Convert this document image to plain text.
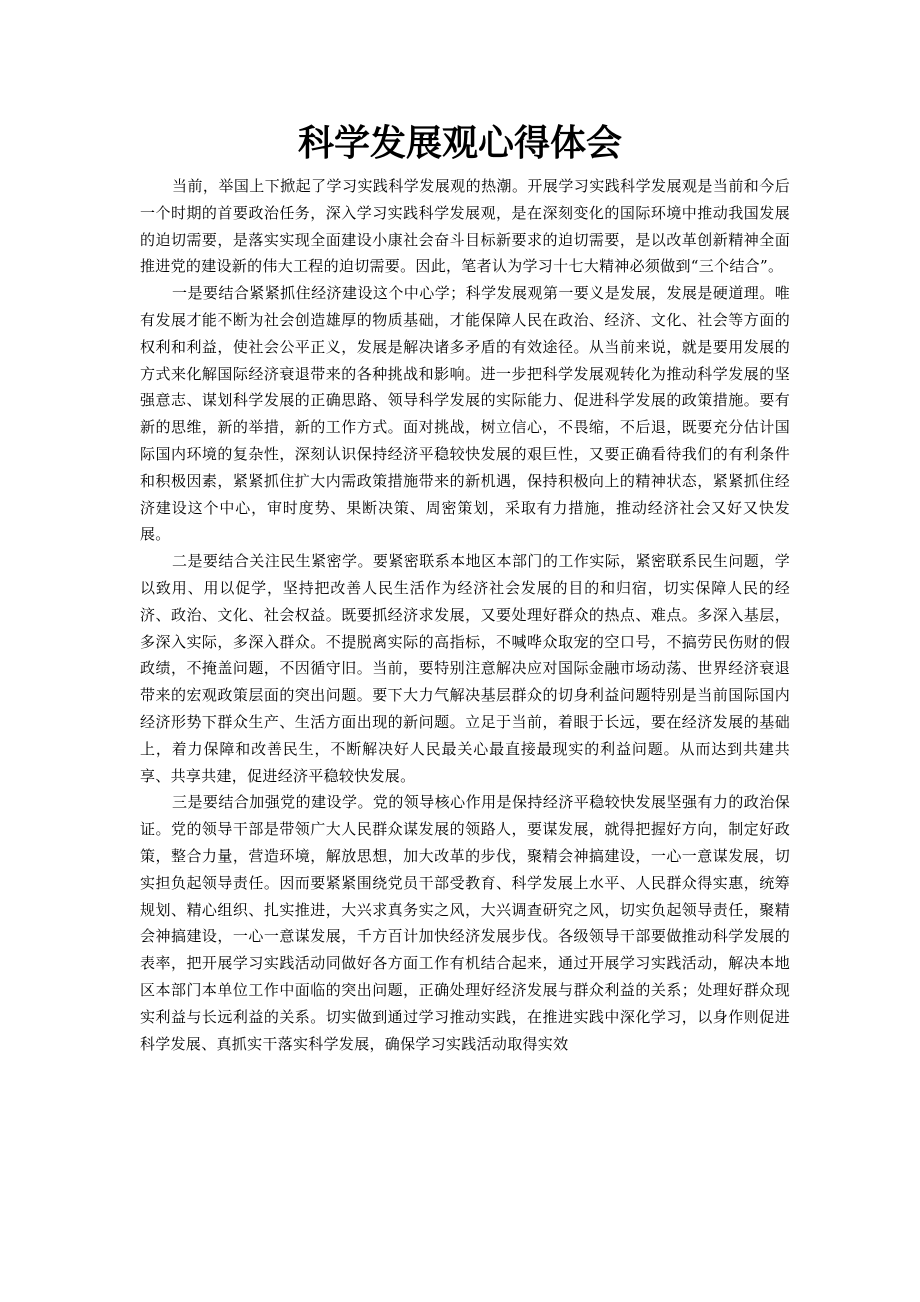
科学发展观心得体会

当前，举国上下掀起了学习实践科学发展观的热潮。开展学习实践科学发展观是当前和今后一个时期的首要政治任务，深入学习实践科学发展观，是在深刻变化的国际环境中推动我国发展的迫切需要，是落实实现全面建设小康社会奋斗目标新要求的迫切需要，是以改革创新精神全面推进党的建设新的伟大工程的迫切需要。因此，笔者认为学习十七大精神必须做到“三个结合”。

一是要结合紧紧抓住经济建设这个中心学；科学发展观第一要义是发展，发展是硬道理。唯有发展才能不断为社会创造雄厚的物质基础，才能保障人民在政治、经济、文化、社会等方面的权利和利益，使社会公平正义，发展是解决诸多矛盾的有效途径。从当前来说，就是要用发展的方式来化解国际经济衰退带来的各种挑战和影响。进一步把科学发展观转化为推动科学发展的坚强意志、谋划科学发展的正确思路、领导科学发展的实际能力、促进科学发展的政策措施。要有新的思维，新的举措，新的工作方式。面对挑战，树立信心，不畏缩，不后退，既要充分估计国际国内环境的复杂性，深刻认识保持经济平稳较快发展的艰巨性，又要正确看待我们的有利条件和积极因素，紧紧抓住扩大内需政策措施带来的新机遇，保持积极向上的精神状态，紧紧抓住经济建设这个中心，审时度势、果断决策、周密策划，采取有力措施，推动经济社会又好又快发展。

二是要结合关注民生紧密学。要紧密联系本地区本部门的工作实际，紧密联系民生问题，学以致用、用以促学，坚持把改善人民生活作为经济社会发展的目的和归宿，切实保障人民的经济、政治、文化、社会权益。既要抓经济求发展，又要处理好群众的热点、难点。多深入基层，多深入实际，多深入群众。不提脱离实际的高指标，不喊哗众取宠的空口号，不搞劳民伤财的假政绩，不掩盖问题，不因循守旧。当前，要特别注意解决应对国际金融市场动荡、世界经济衰退带来的宏观政策层面的突出问题。要下大力气解决基层群众的切身利益问题特别是当前国际国内经济形势下群众生产、生活方面出现的新问题。立足于当前，着眼于长远，要在经济发展的基础上，着力保障和改善民生，不断解决好人民最关心最直接最现实的利益问题。从而达到共建共享、共享共建，促进经济平稳较快发展。

三是要结合加强党的建设学。党的领导核心作用是保持经济平稳较快发展坚强有力的政治保证。党的领导干部是带领广大人民群众谋发展的领路人，要谋发展，就得把握好方向，制定好政策，整合力量，营造环境，解放思想，加大改革的步伐，聚精会神搞建设，一心一意谋发展，切实担负起领导责任。因而要紧紧围绕党员干部受教育、科学发展上水平、人民群众得实惠，统筹规划、精心组织、扎实推进，大兴求真务实之风，大兴调查研究之风，切实负起领导责任，聚精会神搞建设，一心一意谋发展，千方百计加快经济发展步伐。各级领导干部要做推动科学发展的表率，把开展学习实践活动同做好各方面工作有机结合起来，通过开展学习实践活动，解决本地区本部门本单位工作中面临的突出问题，正确处理好经济发展与群众利益的关系；处理好群众现实利益与长远利益的关系。切实做到通过学习推动实践，在推进实践中深化学习，以身作则促进科学发展、真抓实干落实科学发展，确保学习实践活动取得实效
